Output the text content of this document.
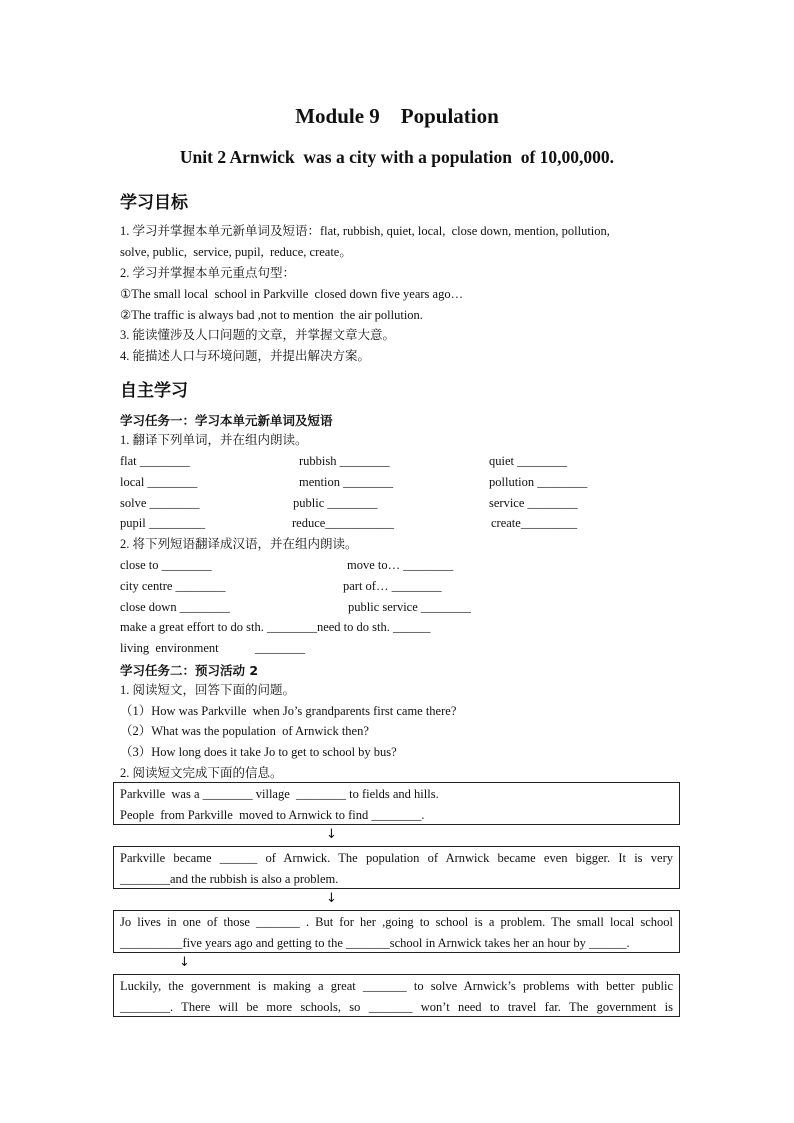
Module 9    Population
Unit 2 Arnwick  was a city with a population  of 10,00,000.
学习目标
1. 学习并掌握本单元新单词及短语：flat, rubbish, quiet, local,  close down, mention, pollution,
solve, public,  service, pupil,  reduce, create。
2. 学习并掌握本单元重点句型：
①The small local  school in Parkville  closed down five years ago…
②The traffic is always bad ,not to mention  the air pollution.
3. 能读懂涉及人口问题的文章，并掌握文章大意。
4. 能描述人口与环境问题，并提出解决方案。
自主学习
学习任务一：学习本单元新单词及短语
1. 翻译下列单词，并在组内朗读。
flat ________	rubbish ________	quiet ________
local ________	mention ________	pollution ________
solve ________	public ________	service ________
pupil _________	reduce___________	create_________
2. 将下列短语翻译成汉语，并在组内朗读。
close to ________	move to… ________
city centre ________	part of… ________
close down ________	public service ________
make a great effort to do sth. ________need to do sth. ______
living  environment	________
学习任务二：预习活动 2
1. 阅读短文，回答下面的问题。
（1）How was Parkville  when Jo’s grandparents first came there?
（2）What was the population  of Arnwick then?
（3）How long does it take Jo to get to school by bus?
2. 阅读短文完成下面的信息。
Parkville  was a ________ village  ________ to fields and hills.
People  from Parkville  moved to Arnwick to find ________.
↓
Parkville became ______ of Arnwick. The population of Arnwick became even bigger. It is very
________and the rubbish is also a problem.
↓
Jo lives in one of those _______ . But for her ,going to school is a problem. The small local school
__________five years ago and getting to the _______school in Arnwick takes her an hour by ______.
↓
Luckily, the government is making a great _______ to solve Arnwick’s problems with better public
________. There will be more schools, so _______ won’t need to travel far. The government is
